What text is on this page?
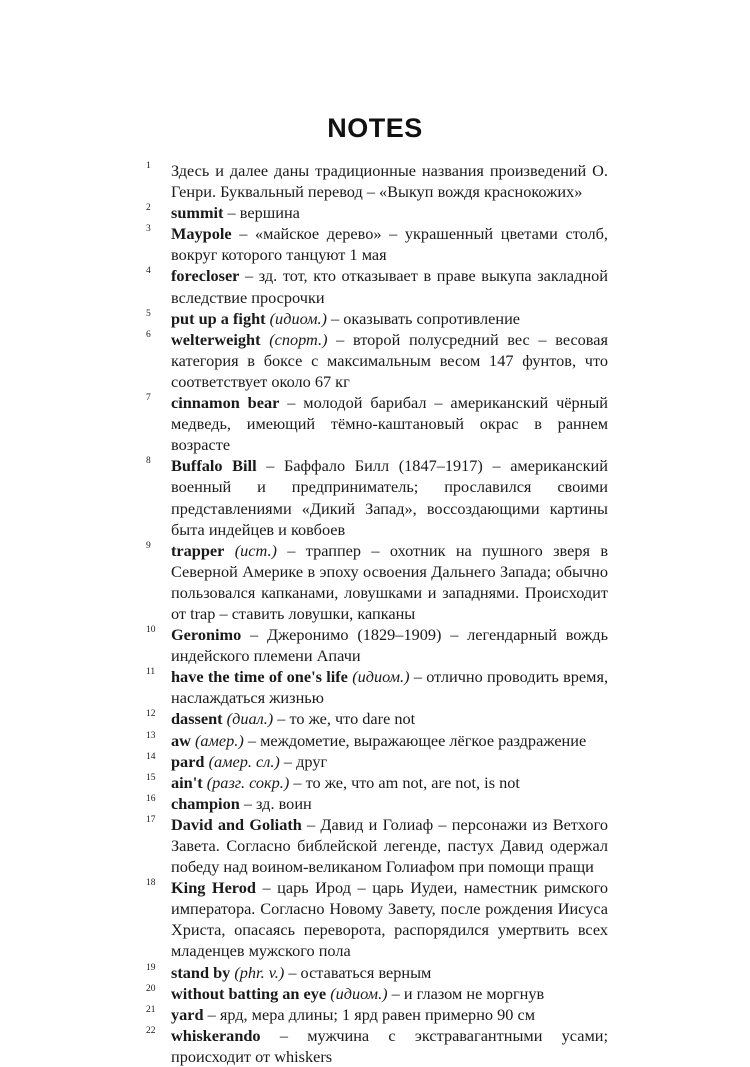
NOTES

1 Здесь и далее даны традиционные названия произведений О. Генри. Буквальный перевод – «Выкуп вождя краснокожих»

2 summit – вершина

3 Maypole – «майское дерево» – украшенный цветами столб, вокруг которого танцуют 1 мая

4 forecloser – зд. тот, кто отказывает в праве выкупа закладной вследствие просрочки

5 put up a fight (идиом.) – оказывать сопротивление

6 welterweight (спорт.) – второй полусредний вес – весовая категория в боксе с максимальным весом 147 фунтов, что соответствует около 67 кг

7 cinnamon bear – молодой барибал – американский чёрный медведь, имеющий тёмно-каштановый окрас в раннем возрасте

8 Buffalo Bill – Баффало Билл (1847–1917) – американский военный и предприниматель; прославился своими представлениями «Дикий Запад», воссоздающими картины быта индейцев и ковбоев

9 trapper (ист.) – траппер – охотник на пушного зверя в Северной Америке в эпоху освоения Дальнего Запада; обычно пользовался капканами, ловушками и западнями. Происходит от trap – ставить ловушки, капканы

10 Geronimo – Джеронимо (1829–1909) – легендарный вождь индейского племени Апачи

11 have the time of one's life (идиом.) – отлично проводить время, наслаждаться жизнью

12 dassent (диал.) – то же, что dare not

13 aw (амер.) – междометие, выражающее лёгкое раздражение

14 pard (амер. сл.) – друг

15 ain't (разг. сокр.) – то же, что am not, are not, is not

16 champion – зд. воин

17 David and Goliath – Давид и Голиаф – персонажи из Ветхого Завета. Согласно библейской легенде, пастух Давид одержал победу над воином-великаном Голиафом при помощи пращи

18 King Herod – царь Ирод – царь Иудеи, наместник римского императора. Согласно Новому Завету, после рождения Иисуса Христа, опасаясь переворота, распорядился умертвить всех младенцев мужского пола

19 stand by (phr. v.) – оставаться верным

20 without batting an eye (идиом.) – и глазом не моргнув

21 yard – ярд, мера длины; 1 ярд равен примерно 90 см

22 whiskerando – мужчина с экстравагантными усами; происходит от whiskers
